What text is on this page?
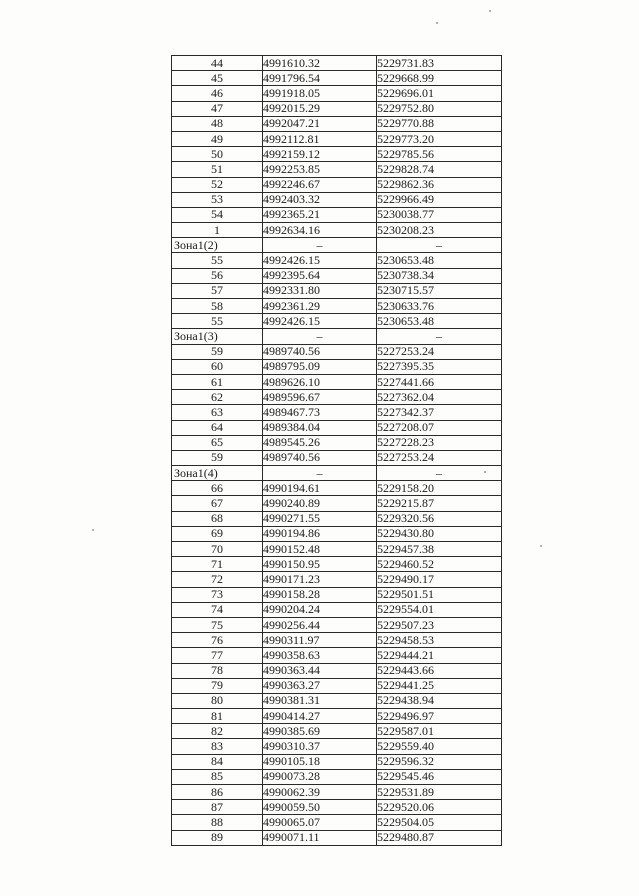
44	4991610.32	5229731.83
45	4991796.54	5229668.99
46	4991918.05	5229696.01
47	4992015.29	5229752.80
48	4992047.21	5229770.88
49	4992112.81	5229773.20
50	4992159.12	5229785.56
51	4992253.85	5229828.74
52	4992246.67	5229862.36
53	4992403.32	5229966.49
54	4992365.21	5230038.77
1	4992634.16	5230208.23
Зона1(2)	–	–
55	4992426.15	5230653.48
56	4992395.64	5230738.34
57	4992331.80	5230715.57
58	4992361.29	5230633.76
55	4992426.15	5230653.48
Зона1(3)	–	–
59	4989740.56	5227253.24
60	4989795.09	5227395.35
61	4989626.10	5227441.66
62	4989596.67	5227362.04
63	4989467.73	5227342.37
64	4989384.04	5227208.07
65	4989545.26	5227228.23
59	4989740.56	5227253.24
Зона1(4)	–	–
66	4990194.61	5229158.20
67	4990240.89	5229215.87
68	4990271.55	5229320.56
69	4990194.86	5229430.80
70	4990152.48	5229457.38
71	4990150.95	5229460.52
72	4990171.23	5229490.17
73	4990158.28	5229501.51
74	4990204.24	5229554.01
75	4990256.44	5229507.23
76	4990311.97	5229458.53
77	4990358.63	5229444.21
78	4990363.44	5229443.66
79	4990363.27	5229441.25
80	4990381.31	5229438.94
81	4990414.27	5229496.97
82	4990385.69	5229587.01
83	4990310.37	5229559.40
84	4990105.18	5229596.32
85	4990073.28	5229545.46
86	4990062.39	5229531.89
87	4990059.50	5229520.06
88	4990065.07	5229504.05
89	4990071.11	5229480.87
